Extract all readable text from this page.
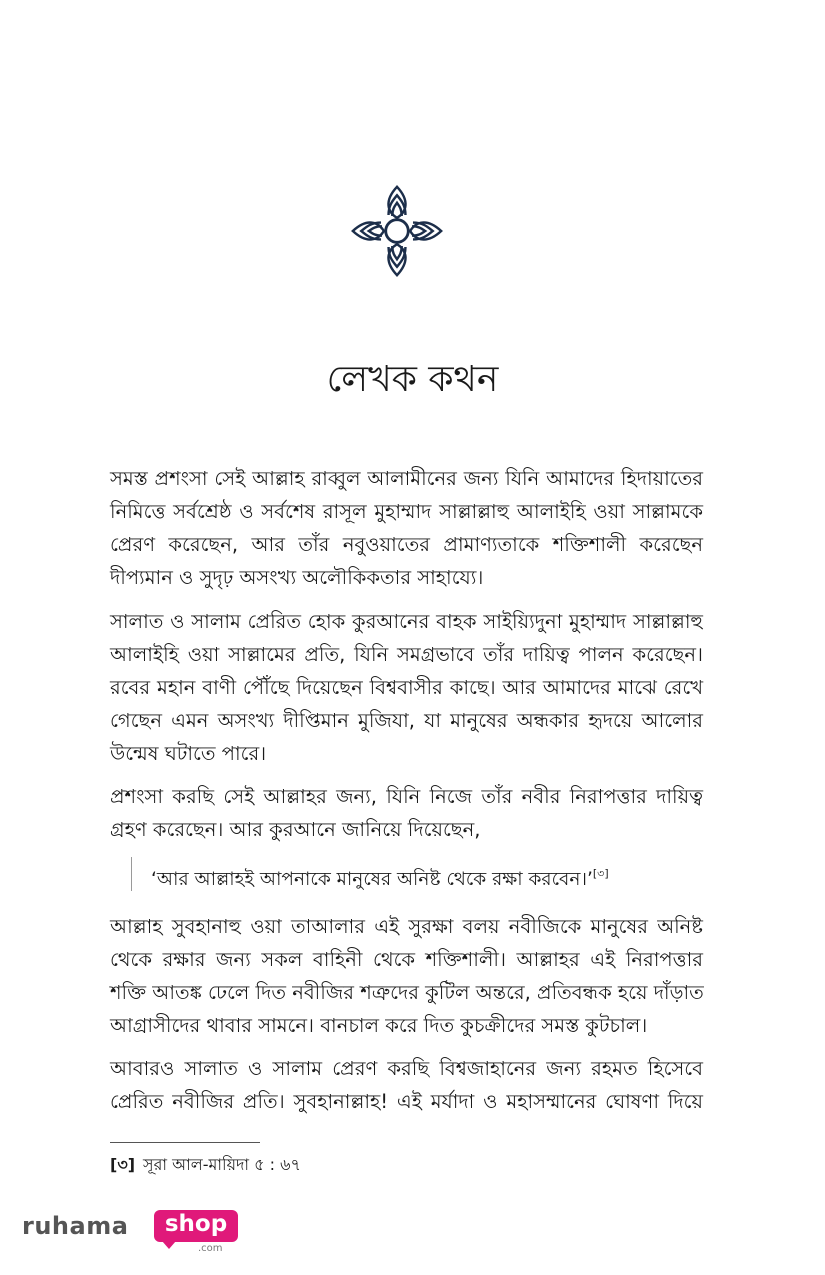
লেখক কথন

সমস্ত প্রশংসা সেই আল্লাহ রাব্বুল আলামীনের জন্য যিনি আমাদের হিদায়াতের
নিমিত্তে সর্বশ্রেষ্ঠ ও সর্বশেষ রাসূল মুহাম্মাদ সাল্লাল্লাহু আলাইহি ওয়া সাল্লামকে
প্রেরণ করেছেন, আর তাঁর নবুওয়াতের প্রামাণ্যতাকে শক্তিশালী করেছেন
দীপ্যমান ও সুদৃঢ় অসংখ্য অলৌকিকতার সাহায্যে।

সালাত ও সালাম প্রেরিত হোক কুরআনের বাহক সাইয়্যিদুনা মুহাম্মাদ সাল্লাল্লাহু
আলাইহি ওয়া সাল্লামের প্রতি, যিনি সমগ্রভাবে তাঁর দায়িত্ব পালন করেছেন।
রবের মহান বাণী পৌঁছে দিয়েছেন বিশ্ববাসীর কাছে। আর আমাদের মাঝে রেখে
গেছেন এমন অসংখ্য দীপ্তিমান মুজিযা, যা মানুষের অন্ধকার হৃদয়ে আলোর
উন্মেষ ঘটাতে পারে।

প্রশংসা করছি সেই আল্লাহর জন্য, যিনি নিজে তাঁর নবীর নিরাপত্তার দায়িত্ব
গ্রহণ করেছেন। আর কুরআনে জানিয়ে দিয়েছেন,

‘আর আল্লাহই আপনাকে মানুষের অনিষ্ট থেকে রক্ষা করবেন।’[৩]

আল্লাহ সুবহানাহু ওয়া তাআলার এই সুরক্ষা বলয় নবীজিকে মানুষের অনিষ্ট
থেকে রক্ষার জন্য সকল বাহিনী থেকে শক্তিশালী। আল্লাহর এই নিরাপত্তার
শক্তি আতঙ্ক ঢেলে দিত নবীজির শত্রুদের কুটিল অন্তরে, প্রতিবন্ধক হয়ে দাঁড়াত
আগ্রাসীদের থাবার সামনে। বানচাল করে দিত কুচক্রীদের সমস্ত কুটচাল।

আবারও সালাত ও সালাম প্রেরণ করছি বিশ্বজাহানের জন্য রহমত হিসেবে
প্রেরিত নবীজির প্রতি। সুবহানাল্লাহ! এই মর্যাদা ও মহাসম্মানের ঘোষণা দিয়ে

[৩] সূরা আল-মায়িদা ৫ : ৬৭
ruhama	shop
.com
